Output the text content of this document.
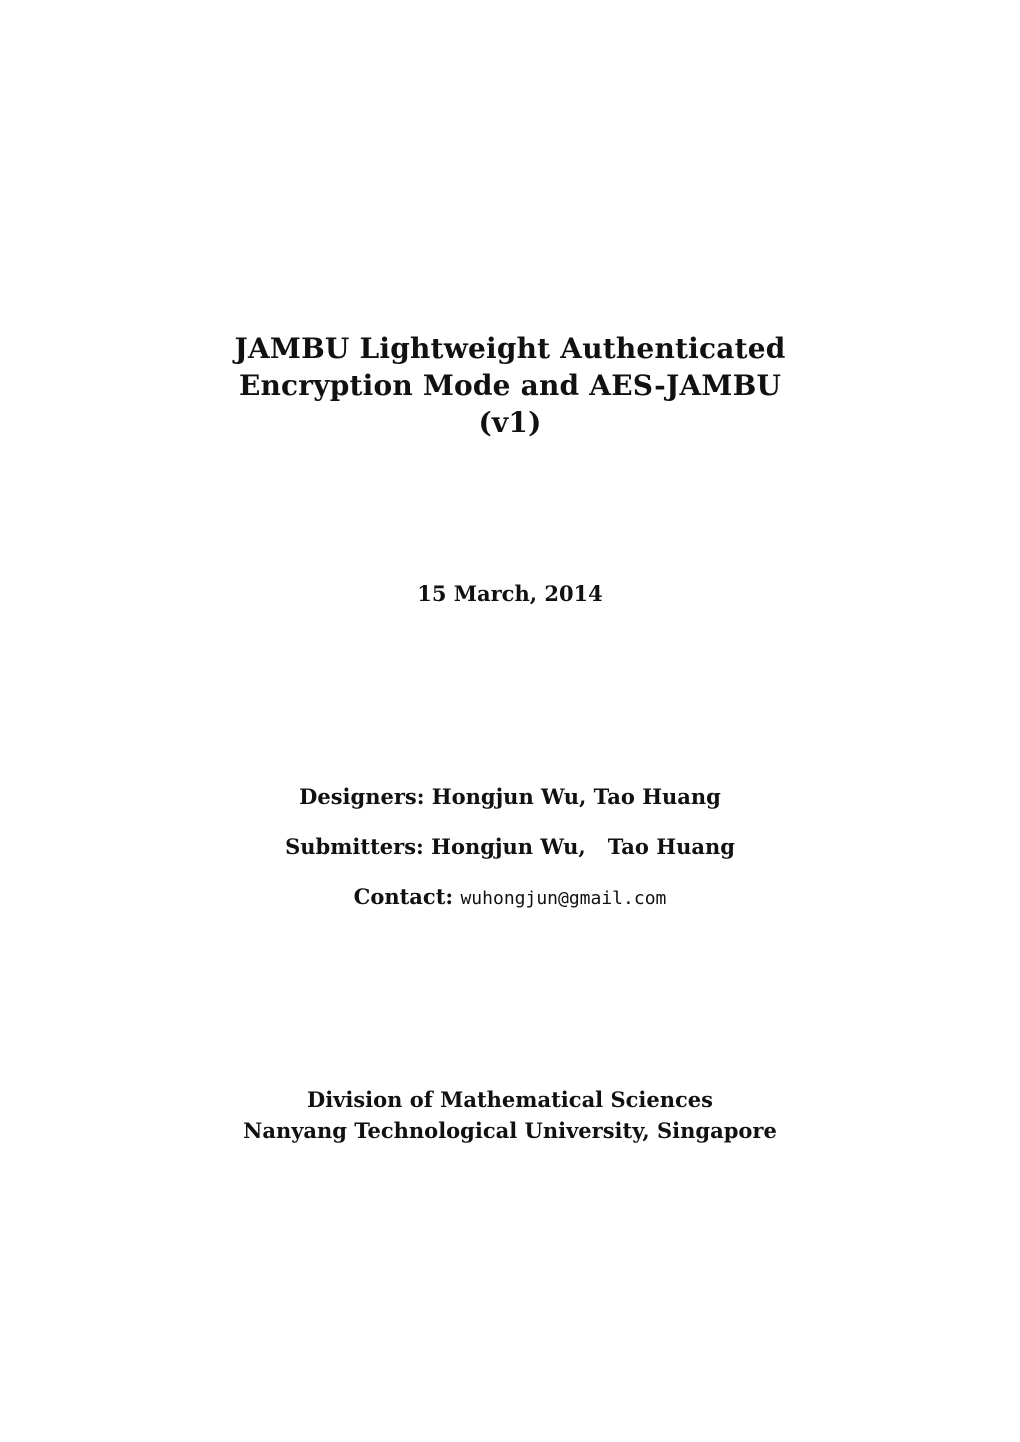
JAMBU Lightweight Authenticated
Encryption Mode and AES-JAMBU
(v1)
15 March, 2014
Designers: Hongjun Wu, Tao Huang
Submitters: Hongjun Wu, Tao Huang
Contact: wuhongjun@gmail.com
Division of Mathematical Sciences
Nanyang Technological University, Singapore
